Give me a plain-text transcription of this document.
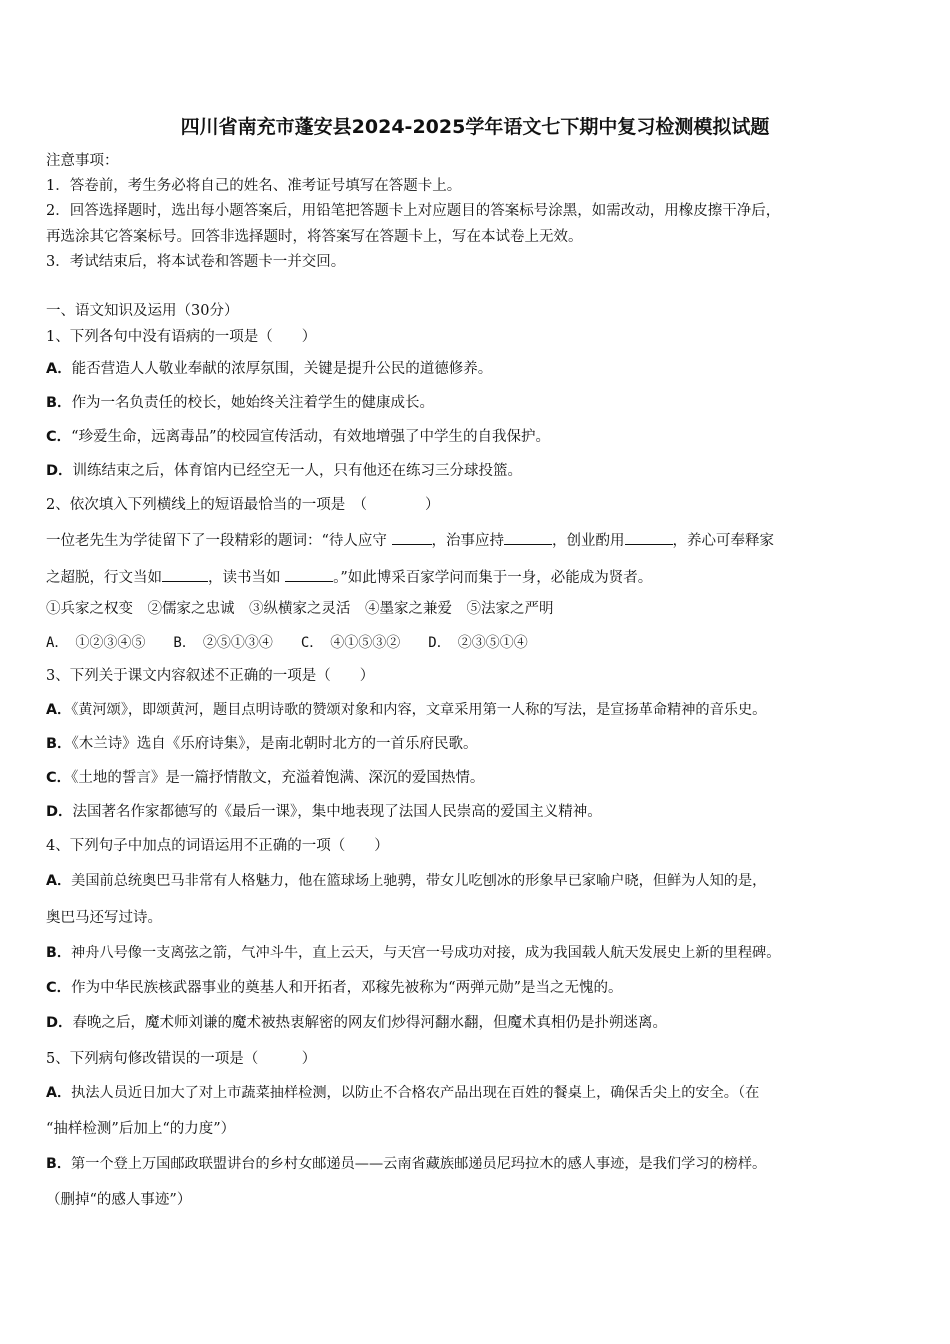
四川省南充市蓬安县2024-2025学年语文七下期中复习检测模拟试题
注意事项：
1．答卷前，考生务必将自己的姓名、准考证号填写在答题卡上。
2．回答选择题时，选出每小题答案后，用铅笔把答题卡上对应题目的答案标号涂黑，如需改动，用橡皮擦干净后，
再选涂其它答案标号。回答非选择题时，将答案写在答题卡上，写在本试卷上无效。
3．考试结束后，将本试卷和答题卡一并交回。
一、语文知识及运用（30分）
1、下列各句中没有语病的一项是（　　）
A．能否营造人人敬业奉献的浓厚氛围，关键是提升公民的道德修养。
B．作为一名负责任的校长，她始终关注着学生的健康成长。
C．“珍爱生命，远离毒品”的校园宣传活动，有效地增强了中学生的自我保护。
D．训练结束之后，体育馆内已经空无一人，只有他还在练习三分球投篮。
2、依次填入下列横线上的短语最恰当的一项是　（　　　　）
一位老先生为学徒留下了一段精彩的题词：“待人应守	，治事应持	，创业酌用	，养心可奉释家
之超脱，行文当如	，读书当如	。”如此博采百家学问而集于一身，必能成为贤者。
①兵家之权变　②儒家之忠诚　③纵横家之灵活　④墨家之兼爱　⑤法家之严明
A．　①②③④⑤　　B．　②⑤①③④　　C．　④①⑤③②　　D．　②③⑤①④
3、下列关于课文内容叙述不正确的一项是（　　）
A．《黄河颂》，即颂黄河，题目点明诗歌的赞颂对象和内容，文章采用第一人称的写法，是宣扬革命精神的音乐史。
B．《木兰诗》选自《乐府诗集》，是南北朝时北方的一首乐府民歌。
C．《土地的誓言》是一篇抒情散文，充溢着饱满、深沉的爱国热情。
D．法国著名作家都德写的《最后一课》，集中地表现了法国人民崇高的爱国主义精神。
4、下列句子中加点的词语运用不正确的一项（　　）
A．美国前总统奥巴马非常有人格魅力，他在篮球场上驰骋，带女儿吃刨冰的形象早已家喻户晓，但鲜为人知的是，
奥巴马还写过诗。
B．神舟八号像一支离弦之箭，气冲斗牛，直上云天，与天宫一号成功对接，成为我国载人航天发展史上新的里程碑。
C．作为中华民族核武器事业的奠基人和开拓者，邓稼先被称为“两弹元勋”是当之无愧的。
D．春晚之后，魔术师刘谦的魔术被热衷解密的网友们炒得河翻水翻，但魔术真相仍是扑朔迷离。
5、下列病句修改错误的一项是（　　　）
A．执法人员近日加大了对上市蔬菜抽样检测，以防止不合格农产品出现在百姓的餐桌上，确保舌尖上的安全。（在
“抽样检测”后加上“的力度”）
B．第一个登上万国邮政联盟讲台的乡村女邮递员——云南省藏族邮递员尼玛拉木的感人事迹，是我们学习的榜样。
（删掉“的感人事迹”）
